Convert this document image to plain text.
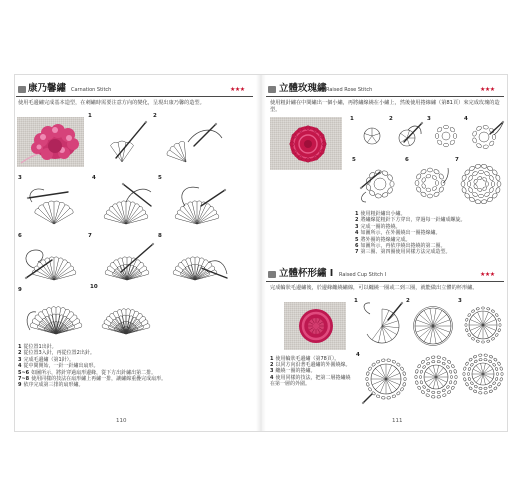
康乃馨繡 Carnation Stitch	★★★
使用毛邊繡完成基本造型，在刺繡時需要注意方向的變化，呈現出康乃馨的造型。
1	2
3	4	5
6	7	8
9	10
1 從位置1出針。
2 從位置3入針，再從位置2出針。
3 完成毛邊繡（第1針）。
4 從中間開始，一針一針繡出扇形。
5~6 如圖所示，將針穿過扇形邊緣，從下方出針繡出第二排。
7~8 使用同樣的技法在扇形繡上再繡一排，讓繡線重疊完成扇形。
9 依序完成第三排的扇形繡。
110
立體玫瑰繡 Raised Rose Stitch	★★★
使用粗針繡在中間繡出一個小繡，再將繡線繞在小繡上，然後使用捲線繡（第81頁）來完成玫瑰的造型。
1	2	3	4
5	6	7
1 使用粗針繡出小繡。
2 將繡線從粗針下方穿出，穿過每一針繡成螺旋。
3 完成一圈的捲繞。
4 如圖所示，在外圍繞出一圈捲線繡。
5 將外圈的捲線繡完成。
6 如圖所示，再依序繞出捲繞的第二圈。
7 第三圈、第四圈使用同樣方法完成造型。
立體杯形繡 I Raised Cup Stitch I	★★★
完成輪狀毛邊繡後，於邊緣纏繞繡線，可以纏繞一圈或二到三圈，就能做出立體的杯形繡。
1	2	3
4
1 使用輪狀毛邊繡（第78頁）。
2 以同方向沿著毛邊繡的外圍繞線。
3 纏繞一圈的捲繡。
4 使用同樣的技法，把第二層捲繡繞在第一層的外圍。
111
